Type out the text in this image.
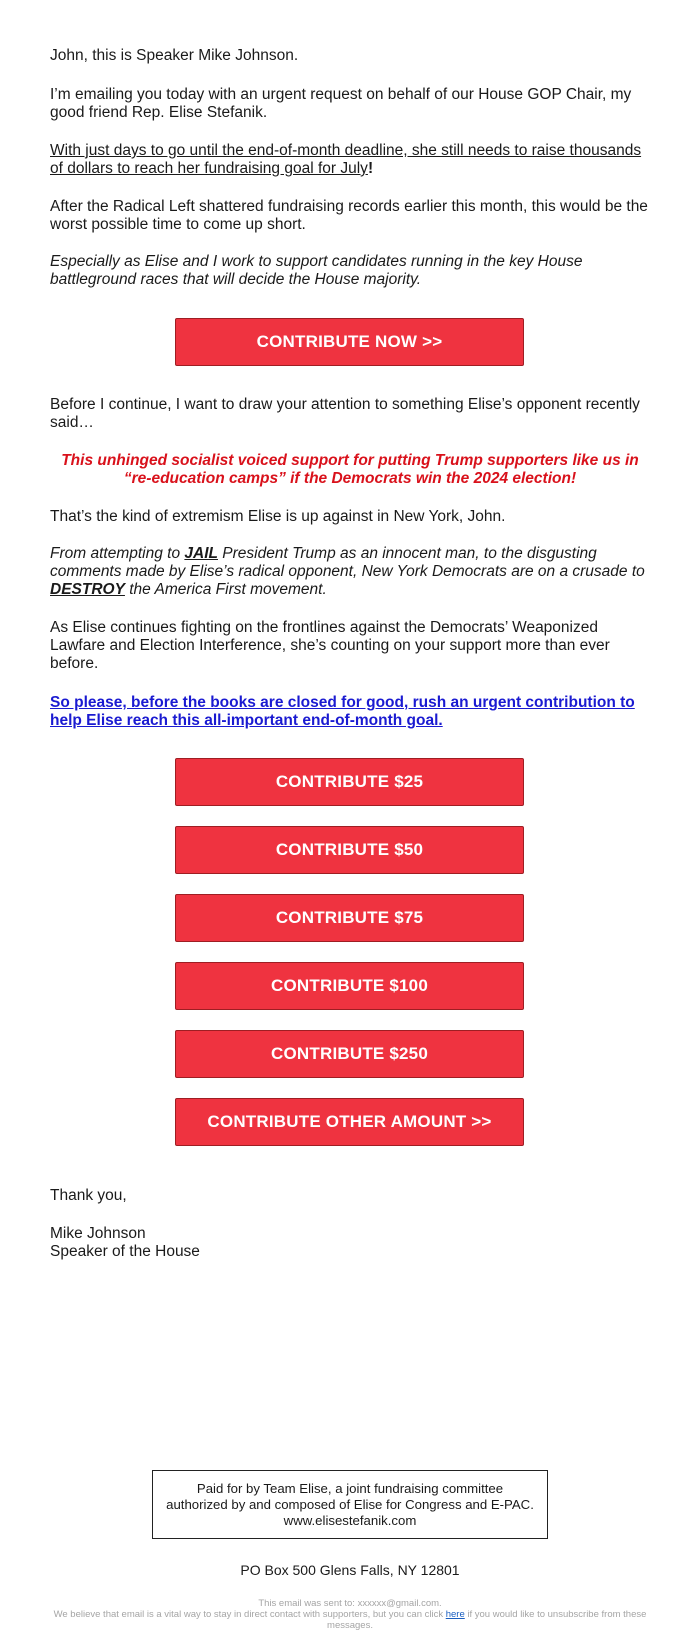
John, this is Speaker Mike Johnson.

I’m emailing you today with an urgent request on behalf of our House GOP Chair, my good friend Rep. Elise Stefanik.

With just days to go until the end-of-month deadline, she still needs to raise thousands of dollars to reach her fundraising goal for July!

After the Radical Left shattered fundraising records earlier this month, this would be the worst possible time to come up short.

Especially as Elise and I work to support candidates running in the key House battleground races that will decide the House majority.

CONTRIBUTE NOW >>

Before I continue, I want to draw your attention to something Elise’s opponent recently said…

This unhinged socialist voiced support for putting Trump supporters like us in “re-education camps” if the Democrats win the 2024 election!

That’s the kind of extremism Elise is up against in New York, John.

From attempting to JAIL President Trump as an innocent man, to the disgusting comments made by Elise’s radical opponent, New York Democrats are on a crusade to DESTROY the America First movement.

As Elise continues fighting on the frontlines against the Democrats’ Weaponized Lawfare and Election Interference, she’s counting on your support more than ever before.

So please, before the books are closed for good, rush an urgent contribution to help Elise reach this all-important end-of-month goal.

CONTRIBUTE $25
CONTRIBUTE $50
CONTRIBUTE $75
CONTRIBUTE $100
CONTRIBUTE $250
CONTRIBUTE OTHER AMOUNT >>

Thank you,

Mike Johnson

Speaker of the House

Paid for by Team Elise, a joint fundraising committee authorized by and composed of Elise for Congress and E-PAC. www.elisestefanik.com
PO Box 500 Glens Falls, NY 12801
This email was sent to: xxxxxx@gmail.com.
We believe that email is a vital way to stay in direct contact with supporters, but you can click here if you would like to unsubscribe from these messages.
